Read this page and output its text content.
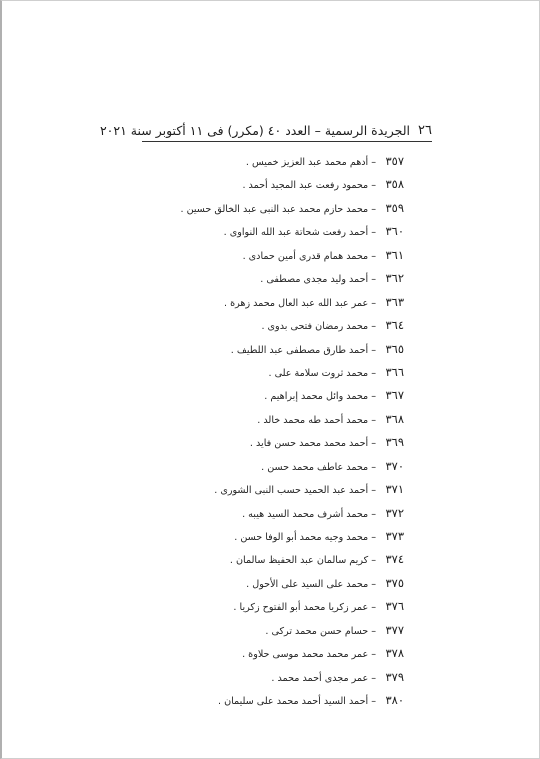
الجريدة الرسمية – العدد ٤٠ (مكرر) فى ١١ أكتوبر سنة ٢٠٢١ ٢٦
٣٥٧–أدهم محمد عبد العزيز خميس .
٣٥٨–محمود رفعت عبد المجيد أحمد .
٣٥٩–محمد حازم محمد عبد النبى عبد الخالق حسين .
٣٦٠–أحمد رفعت شحاتة عبد الله النواوى .
٣٦١–محمد همام قدرى أمين حمادى .
٣٦٢–أحمد وليد مجدى مصطفى .
٣٦٣–عمر عبد الله عبد العال محمد زهرة .
٣٦٤–محمد رمضان فتحى بدوى .
٣٦٥–أحمد طارق مصطفى عبد اللطيف .
٣٦٦–محمد ثروت سلامة على .
٣٦٧–محمد وائل محمد إبراهيم .
٣٦٨–محمد أحمد طه محمد خالد .
٣٦٩–أحمد محمد محمد حسن فايد .
٣٧٠–محمد عاطف محمد حسن .
٣٧١–أحمد عبد الحميد حسب النبى الشورى .
٣٧٢–محمد أشرف محمد السيد هيبه .
٣٧٣–محمد وجيه محمد أبو الوفا حسن .
٣٧٤–كريم سالمان عبد الحفيظ سالمان .
٣٧٥–محمد على السيد على الأحول .
٣٧٦–عمر زكريا محمد أبو الفتوح زكريا .
٣٧٧–حسام حسن محمد تركى .
٣٧٨–عمر محمد محمد موسى حلاوة .
٣٧٩–عمر مجدى أحمد محمد .
٣٨٠–أحمد السيد أحمد محمد على سليمان .
